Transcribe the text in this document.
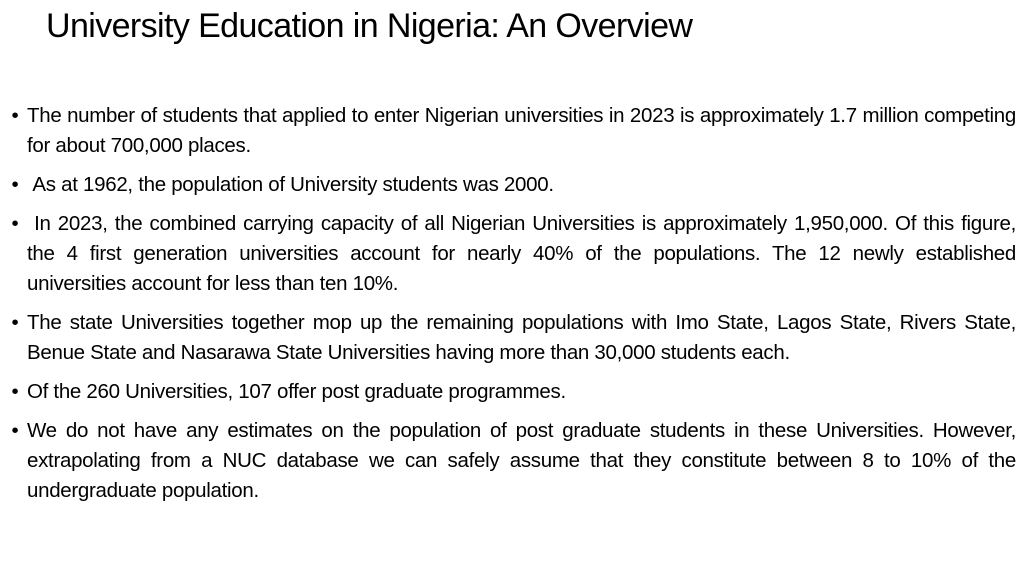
University Education in Nigeria: An Overview
• The number of students that applied to enter Nigerian universities in 2023 is approximately 1.7 million competing for about 700,000 places.
• As at 1962, the population of University students was 2000.
• In 2023, the combined carrying capacity of all Nigerian Universities is approximately 1,950,000. Of this figure, the 4 first generation universities account for nearly 40% of the populations. The 12 newly established universities account for less than ten 10%.
• The state Universities together mop up the remaining populations with Imo State, Lagos State, Rivers State, Benue State and Nasarawa State Universities having more than 30,000 students each.
• Of the 260 Universities, 107 offer post graduate programmes.
• We do not have any estimates on the population of post graduate students in these Universities. However, extrapolating from a NUC database we can safely assume that they constitute between 8 to 10% of the undergraduate population.
